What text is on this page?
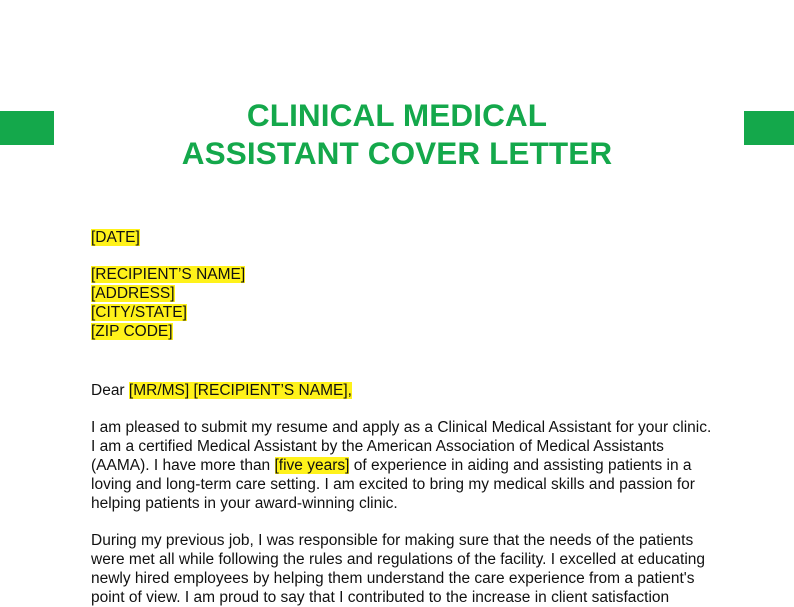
CLINICAL MEDICAL
ASSISTANT COVER LETTER
[DATE]
[RECIPIENT’S NAME]
[ADDRESS]
[CITY/STATE]
[ZIP CODE]
Dear [MR/MS] [RECIPIENT’S NAME],
I am pleased to submit my resume and apply as a Clinical Medical Assistant for your clinic.
I am a certified Medical Assistant by the American Association of Medical Assistants
(AAMA). I have more than [five years] of experience in aiding and assisting patients in a
loving and long-term care setting. I am excited to bring my medical skills and passion for
helping patients in your award-winning clinic.
During my previous job, I was responsible for making sure that the needs of the patients
were met all while following the rules and regulations of the facility. I excelled at educating
newly hired employees by helping them understand the care experience from a patient's
point of view. I am proud to say that I contributed to the increase in client satisfaction
